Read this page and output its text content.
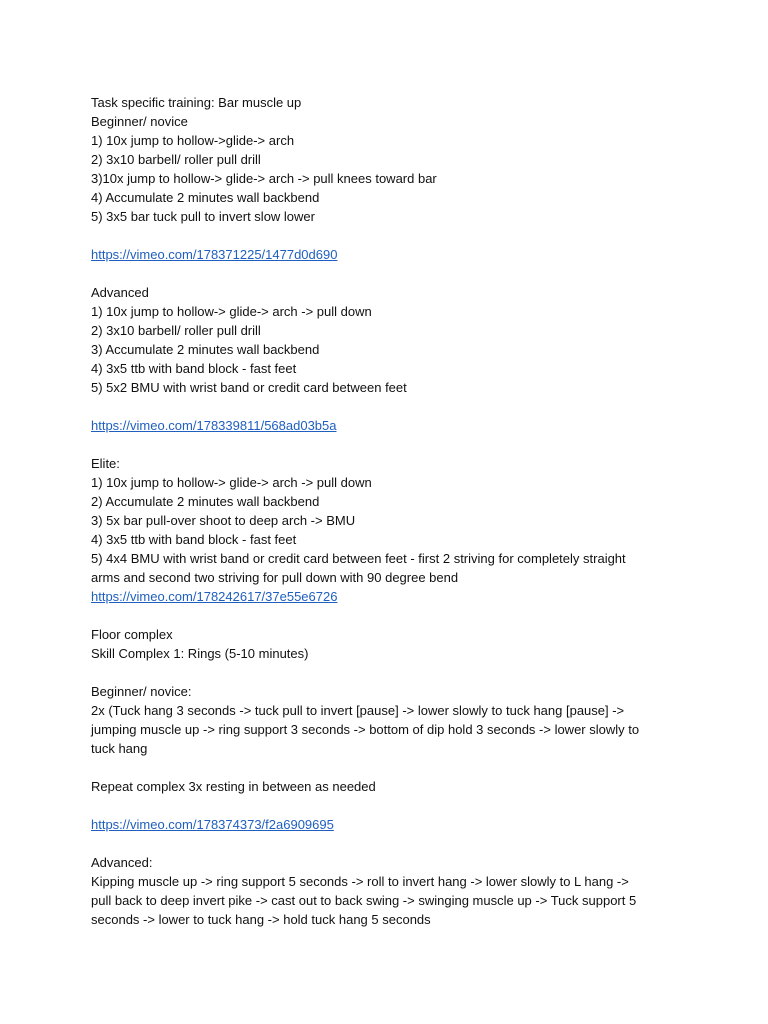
Task specific training: Bar muscle up
Beginner/ novice
1) 10x jump to hollow->glide-> arch
2) 3x10 barbell/ roller pull drill
3)10x jump to hollow-> glide-> arch -> pull knees toward bar
4) Accumulate 2 minutes wall backbend
5) 3x5 bar tuck pull to invert slow lower
https://vimeo.com/178371225/1477d0d690
Advanced
1) 10x jump to hollow-> glide-> arch -> pull down
2) 3x10 barbell/ roller pull drill
3) Accumulate 2 minutes wall backbend
4) 3x5 ttb with band block - fast feet
5) 5x2 BMU with wrist band or credit card between feet
https://vimeo.com/178339811/568ad03b5a
Elite:
1) 10x jump to hollow-> glide-> arch -> pull down
2) Accumulate 2 minutes wall backbend
3) 5x bar pull-over shoot to deep arch -> BMU
4) 3x5 ttb with band block - fast feet
5) 4x4 BMU with wrist band or credit card between feet - first 2 striving for completely straight
arms and second two striving for pull down with 90 degree bend
https://vimeo.com/178242617/37e55e6726
Floor complex
Skill Complex 1: Rings (5-10 minutes)
Beginner/ novice:
2x (Tuck hang 3 seconds -> tuck pull to invert [pause] -> lower slowly to tuck hang [pause] ->
jumping muscle up -> ring support 3 seconds -> bottom of dip hold 3 seconds -> lower slowly to
tuck hang
Repeat complex 3x resting in between as needed
https://vimeo.com/178374373/f2a6909695
Advanced:
Kipping muscle up -> ring support 5 seconds -> roll to invert hang -> lower slowly to L hang ->
pull back to deep invert pike -> cast out to back swing -> swinging muscle up -> Tuck support 5
seconds -> lower to tuck hang -> hold tuck hang 5 seconds
